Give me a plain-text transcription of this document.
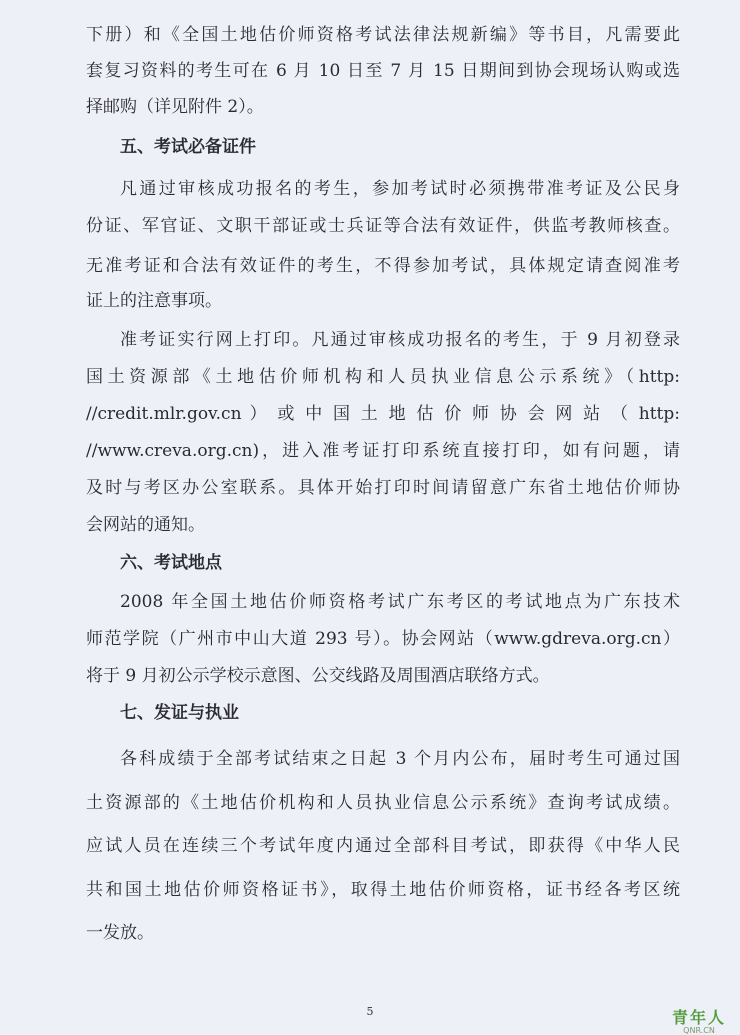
下册）和《全国土地估价师资格考试法律法规新编》等书目，凡需要此
套复习资料的考生可在 6 月 10 日至 7 月 15 日期间到协会现场认购或选
择邮购（详见附件 2）。
五、考试必备证件
凡通过审核成功报名的考生，参加考试时必须携带准考证及公民身
份证、军官证、文职干部证或士兵证等合法有效证件，供监考教师核查。
无准考证和合法有效证件的考生，不得参加考试，具体规定请查阅准考
证上的注意事项。
准考证实行网上打印。凡通过审核成功报名的考生，于 9 月初登录
国土资源部《土地估价师机构和人员执业信息公示系统》（http:
//credit.mlr.gov.cn ） 或 中 国 土 地 估 价 师 协 会 网 站 （ http:
//www.creva.org.cn)，进入准考证打印系统直接打印，如有问题，请
及时与考区办公室联系。具体开始打印时间请留意广东省土地估价师协
会网站的通知。
六、考试地点
2008 年全国土地估价师资格考试广东考区的考试地点为广东技术
师范学院（广州市中山大道 293 号）。协会网站（www.gdreva.org.cn）
将于 9 月初公示学校示意图、公交线路及周围酒店联络方式。
七、发证与执业
各科成绩于全部考试结束之日起 3 个月内公布，届时考生可通过国
土资源部的《土地估价机构和人员执业信息公示系统》查询考试成绩。
应试人员在连续三个考试年度内通过全部科目考试，即获得《中华人民
共和国土地估价师资格证书》，取得土地估价师资格，证书经各考区统
一发放。
5	青年人
QNR.CN
